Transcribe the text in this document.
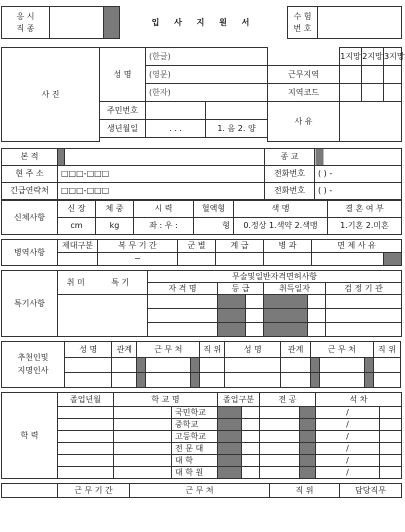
응 시
직 종			입 사 지 원 서	수 험
번 호	
사 진	성 명	(한글)				1지망	2지망	3지망
		(영문)		근무지역				
		(한자)		지역코드				
	주민번호			사 유				
	생년월일	. . .	1. 음 2. 양					

본 적			종 교	
현 주 소	□□□-□□□		전화번호	( ) -
긴급연락처	□□□-□□□		전화번호	( ) -
신체사항	신 장	체 중	시 력	혈액형	색 맹	결 혼 여 부
	cm	kg	좌 : 우 :	형	0.정상 1.색약 2.색맹	1.기혼 2.미혼
병역사항	제대구분	복 무 기 간	군 별	계 급	병 과	면 제 사 유	
		~					
특기사항	취 미	특 기	무술및일반자격면허사항					
			자 격 명	등 급		취득일자		검 정 기 관

추천인및
지명인사	성 명	관계	근 무 처			직 위	성 명	관계	근 무 처			직 위

학 력	졸업년월	학 교 명		졸업구분		전 공		석 차	
			국민학교					/	
			중학교					/	
			고등학교					/	
			전 문 대					/	
			대 학					/	
			대 학 원					/	
	근 무 기 간	근 무 처	직 위	담당직무
